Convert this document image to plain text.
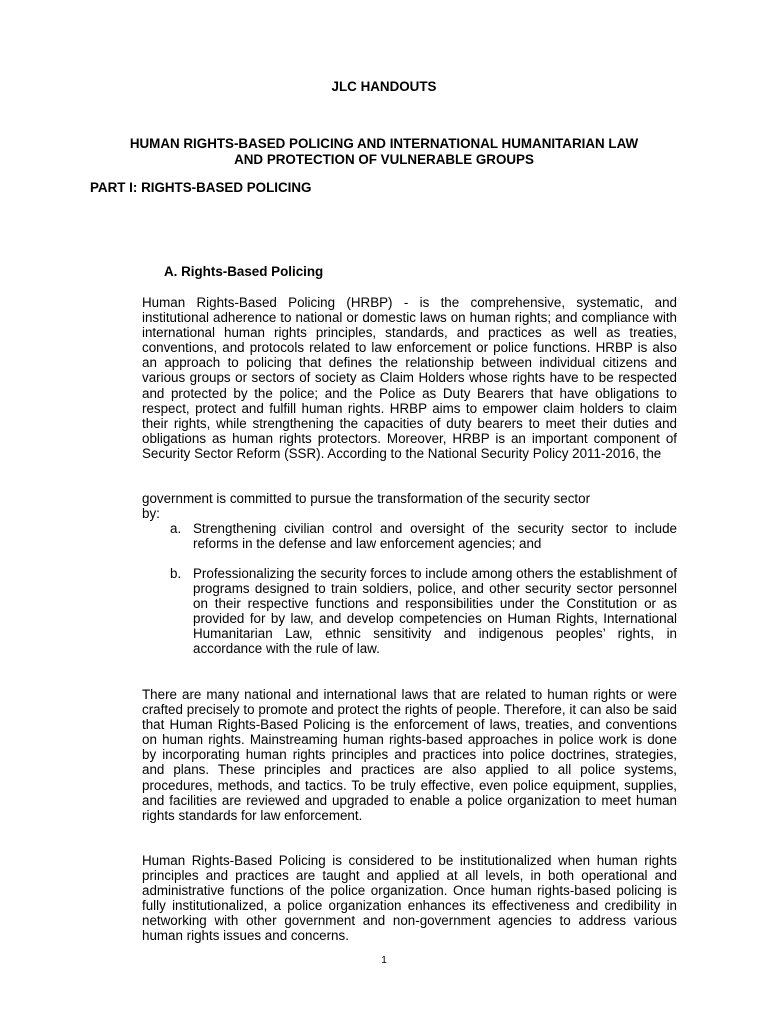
JLC HANDOUTS
HUMAN RIGHTS-BASED POLICING AND INTERNATIONAL HUMANITARIAN LAW
AND PROTECTION OF VULNERABLE GROUPS
PART I: RIGHTS-BASED POLICING
A. Rights-Based Policing

Human Rights-Based Policing (HRBP) - is the comprehensive, systematic, and institutional adherence to national or domestic laws on human rights; and compliance with international human rights principles, standards, and practices as well as treaties, conventions, and protocols related to law enforcement or police functions. HRBP is also an approach to policing that defines the relationship between individual citizens and various groups or sectors of society as Claim Holders whose rights have to be respected and protected by the police; and the Police as Duty Bearers that have obligations to respect, protect and fulfill human rights. HRBP aims to empower claim holders to claim their rights, while strengthening the capacities of duty bearers to meet their duties and obligations as human rights protectors. Moreover, HRBP is an important component of Security Sector Reform (SSR). According to the National Security Policy 2011-2016, the

government is committed to pursue the transformation of the security sector

by:

a. Strengthening civilian control and oversight of the security sector to include reforms in the defense and law enforcement agencies; and
b. Professionalizing the security forces to include among others the establishment of programs designed to train soldiers, police, and other security sector personnel on their respective functions and responsibilities under the Constitution or as provided for by law, and develop competencies on Human Rights, International Humanitarian Law, ethnic sensitivity and indigenous peoples’ rights, in accordance with the rule of law.

There are many national and international laws that are related to human rights or were crafted precisely to promote and protect the rights of people. Therefore, it can also be said that Human Rights-Based Policing is the enforcement of laws, treaties, and conventions on human rights. Mainstreaming human rights-based approaches in police work is done by incorporating human rights principles and practices into police doctrines, strategies, and plans. These principles and practices are also applied to all police systems, procedures, methods, and tactics. To be truly effective, even police equipment, supplies, and facilities are reviewed and upgraded to enable a police organization to meet human rights standards for law enforcement.

Human Rights-Based Policing is considered to be institutionalized when human rights principles and practices are taught and applied at all levels, in both operational and administrative functions of the police organization. Once human rights-based policing is fully institutionalized, a police organization enhances its effectiveness and credibility in networking with other government and non-government agencies to address various human rights issues and concerns.

1
